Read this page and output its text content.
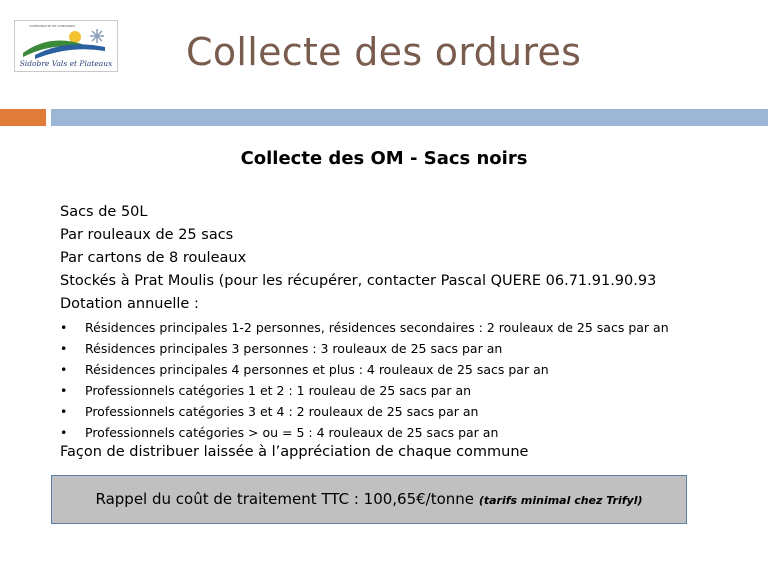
COMMUNAUTÉ DE COMMUNES
Sidobre Vals et Plateaux Collecte des ordures
Collecte des OM - Sacs noirs
Sacs de 50L
Par rouleaux de 25 sacs
Par cartons de 8 rouleaux
Stockés à Prat Moulis (pour les récupérer, contacter Pascal QUERE 06.71.91.90.93
Dotation annuelle :
• Résidences principales 1-2 personnes, résidences secondaires : 2 rouleaux de 25 sacs par an
• Résidences principales 3 personnes : 3 rouleaux de 25 sacs par an
• Résidences principales 4 personnes et plus : 4 rouleaux de 25 sacs par an
• Professionnels catégories 1 et 2 : 1 rouleau de 25 sacs par an
• Professionnels catégories 3 et 4 : 2 rouleaux de 25 sacs par an
• Professionnels catégories > ou = 5 : 4 rouleaux de 25 sacs par an
Façon de distribuer laissée à l’appréciation de chaque commune
Rappel du coût de traitement TTC : 100,65€/tonne (tarifs minimal chez Trifyl)
